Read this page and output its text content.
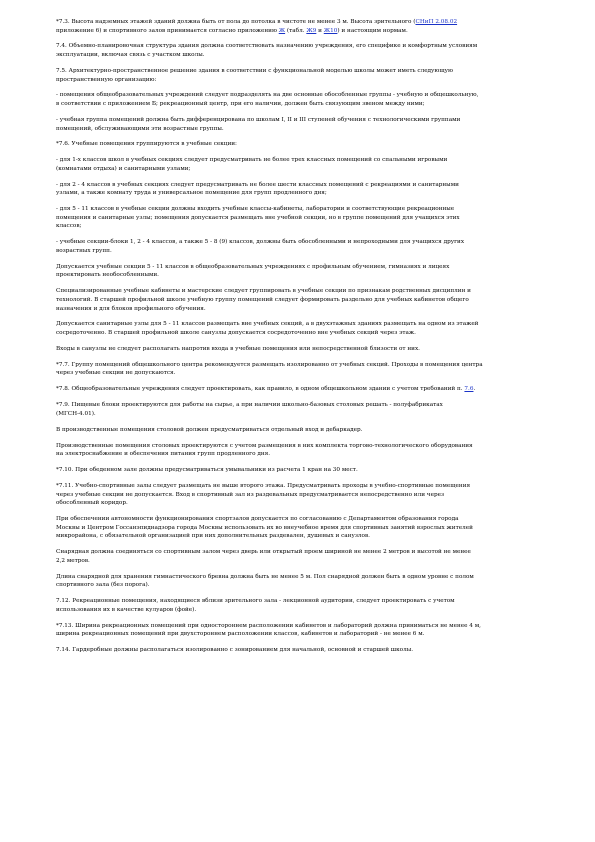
*7.3. Высота надземных этажей зданий должна быть от пола до потолка в чистоте не менее 3 м. Высота зрительного (СНиП 2.08.02
приложение 6) и спортивного залов принимается согласно приложению Ж (табл. Ж9 и Ж10) и настоящим нормам.

7.4. Объемно-планировочная структура здания должна соответствовать назначению учреждения, его специфике и комфортным условиям
эксплуатации, включая связь с участком школы.

7.5. Архитектурно-пространственное решение здания в соответствии с функциональной моделью школы может иметь следующую
пространственную организацию:

- помещения общеобразовательных учреждений следует подразделять на две основные обособленные группы - учебную и общешкольную,
в соответствии с приложением Б; рекреационный центр, при его наличии, должен быть связующим звеном между ними;

- учебная группа помещений должна быть дифференцирована по школам I, II и III ступеней обучения с технологическими группами
помещений, обслуживающими эти возрастные группы.

*7.6. Учебные помещения группируются в учебные секции:

- для 1-х классов школ в учебных секциях следует предусматривать не более трех классных помещений со спальными игровыми
(комнатами отдыха) и санитарными узлами;

- для 2 - 4 классов в учебных секциях следует предусматривать не более шести классных помещений с рекреациями и санитарными
узлами, а также комнату труда и универсальное помещение для групп продленного дня;

- для 5 - 11 классов в учебные секции должны входить учебные классы-кабинеты, лаборатории и соответствующие рекреационные
помещения и санитарные узлы; помещения допускается размещать вне учебной секции, но в группе помещений для учащихся этих
классов;

- учебные секции-блоки 1, 2 - 4 классов, а также 5 - 8 (9) классов, должны быть обособленными и непроходными для учащихся других
возрастных групп.

Допускается учебные секции 5 - 11 классов в общеобразовательных учреждениях с профильным обучением, гимназиях и лицеях
проектировать необособленными.

Специализированные учебные кабинеты и мастерские следует группировать в учебные секции по признакам родственных дисциплин и
технологий. В старшей профильной школе учебную группу помещений следует формировать раздельно для учебных кабинетов общего
назначения и для блоков профильного обучения.

Допускается санитарные узлы для 5 - 11 классов размещать вне учебных секций, а в двухэтажных зданиях размещать на одном из этажей
сосредоточенно. В старшей профильной школе санузлы допускается сосредоточенно вне учебных секций через этаж.

Входы в санузлы не следует располагать напротив входа в учебные помещения или непосредственной близости от них.

*7.7. Группу помещений общешкольного центра рекомендуется размещать изолированно от учебных секций. Проходы в помещения центра
через учебные секции не допускаются.

*7.8. Общеобразовательные учреждения следует проектировать, как правило, в одном общешкольном здании с учетом требований п. 7.6.

*7.9. Пищевые блоки проектируются для работы на сырье, а при наличии школьно-базовых столовых решать - полуфабрикатах
(МГСН-4.01).

В производственные помещения столовой должен предусматриваться отдельный вход и дебаркадер.

Производственные помещения столовых проектируются с учетом размещения в них комплекта торгово-технологического оборудования
на электроснабжение и обеспечения питания групп продленного дня.

*7.10. При обеденном зале должны предусматриваться умывальники из расчета 1 кран на 30 мест.

*7.11. Учебно-спортивные залы следует размещать не выше второго этажа. Предусматривать проходы в учебно-спортивные помещения
через учебные секции не допускается. Вход в спортивный зал из раздевальных предусматривается непосредственно или через
обособленный коридор.

При обеспечении автономности функционирования спортзалов допускается по согласованию с Департаментом образования города
Москвы и Центром Госсанэпиднадзора города Москвы использовать их во внеучебное время для спортивных занятий взрослых жителей
микрорайона, с обязательной организацией при них дополнительных раздевален, душевых и санузлов.

Снарядная должна соединяться со спортивным залом через дверь или открытый проем шириной не менее 2 метров и высотой не менее
2,2 метров.

Длина снарядной для хранения гимнастического бревна должна быть не менее 5 м. Пол снарядной должен быть в одном уровне с полом
спортивного зала (без порога).

7.12. Рекреационные помещения, находящиеся вблизи зрительного зала - лекционной аудитории, следует проектировать с учетом
использования их в качестве кулуаров (фойе).

*7.13. Ширина рекреационных помещений при одностороннем расположении кабинетов и лабораторий должна приниматься не менее 4 м,
ширина рекреационных помещений при двухстороннем расположении классов, кабинетов и лабораторий - не менее 6 м.

7.14. Гардеробные должны располагаться изолированно с зонированием для начальной, основной и старшей школы.
